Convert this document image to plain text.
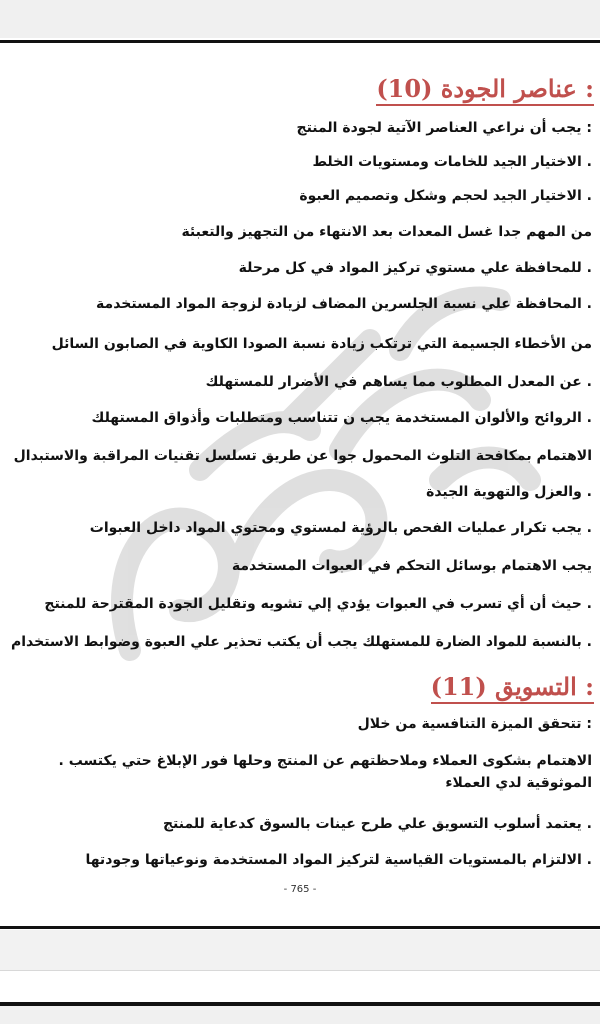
: عناصر الجودة (10)
: يجب أن نراعي العناصر الآتية لجودة المنتج
. الاختيار الجيد للخامات ومستويات الخلط
. الاختيار الجيد لحجم وشكل وتصميم العبوة
من المهم جدا غسل المعدات بعد الانتهاء من التجهيز والتعبئة
. للمحافظة علي مستوي تركيز المواد في كل مرحلة
. المحافظة علي نسبة الجلسرين المضاف لزيادة لزوجة المواد المستخدمة
من الأخطاء الجسيمة التي ترتكب زيادة نسبة الصودا الكاوية في الصابون السائل
. عن المعدل المطلوب مما يساهم في الأضرار للمستهلك
. الروائح والألوان المستخدمة يجب ن تتناسب ومتطلبات وأذواق المستهلك
الاهتمام بمكافحة التلوث المحمول جوا عن طريق تسلسل تقنيات المراقبة والاستبدال
. والعزل والتهوية الجيدة
. يجب تكرار عمليات الفحص بالرؤية لمستوي ومحتوي المواد داخل العبوات
يجب الاهتمام بوسائل التحكم في العبوات المستخدمة
. حيث أن أي تسرب في العبوات يؤدي إلي تشويه وتقليل الجودة المقترحة للمنتج
. بالنسبة للمواد الضارة للمستهلك يجب أن يكتب تحذير علي العبوة وضوابط الاستخدام
: التسويق (11)
: تتحقق الميزة التنافسية من خلال
الاهتمام بشكوى العملاء وملاحظتهم عن المنتج وحلها فور الإبلاغ حتي يكتسب . الموثوقية لدي العملاء
. يعتمد أسلوب التسويق علي طرح عينات بالسوق كدعاية للمنتج
. الالتزام بالمستويات القياسية لتركيز المواد المستخدمة ونوعياتها وجودتها
- 765 -
